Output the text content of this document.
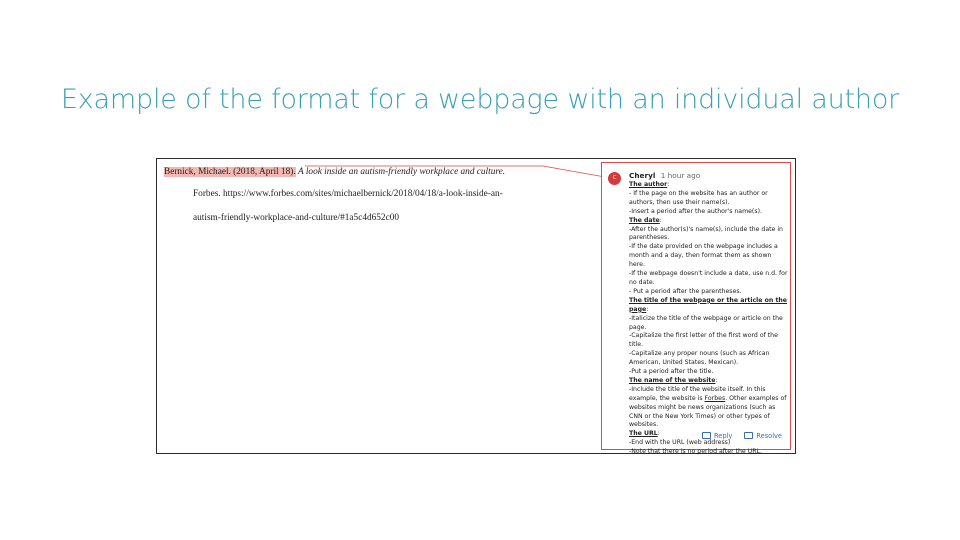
Example of the format for a webpage with an individual author
Bernick, Michael. (2018, April 18). A look inside an autism-friendly workplace and culture.
Forbes. https://www.forbes.com/sites/michaelbernick/2018/04/18/a-look-inside-an-
autism-friendly-workplace-and-culture/#1a5c4d652c00
C	Cheryl 1 hour ago
The author:
- If the page on the website has an author or authors, then use their name(s).
-Insert a period after the author's name(s).
The date:
-After the author(s)'s name(s), include the date in parentheses.
-If the date provided on the webpage includes a month and a day, then format them as shown here.
-If the webpage doesn't include a date, use n.d. for no date.
- Put a period after the parentheses.
The title of the webpage or the article on the page:
-Italicize the title of the webpage or article on the page.
-Capitalize the first letter of the first word of the title.
-Capitalize any proper nouns (such as African American, United States, Mexican).
-Put a period after the title.
The name of the website:
-Include the title of the website itself. In this example, the website is Forbes. Other examples of websites might be news organizations (such as CNN or the New York Times) or other types of websites.
The URL:
-End with the URL (web address)
-Note that there is no period after the URL.
Reply	Resolve
